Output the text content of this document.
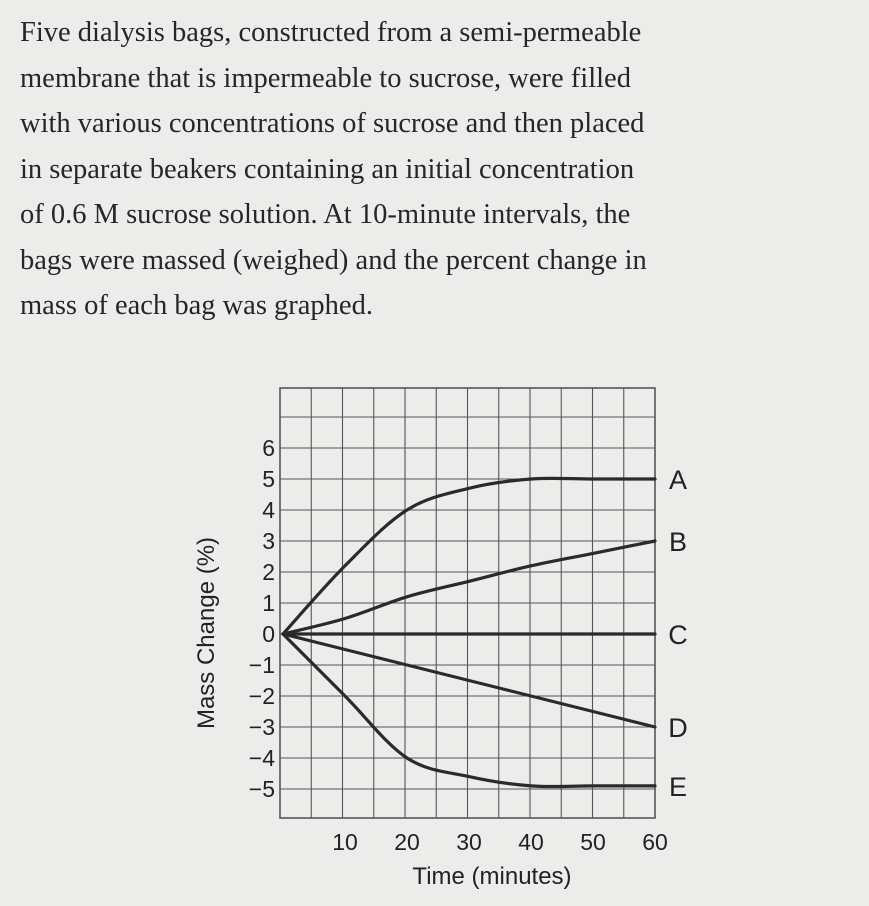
Five dialysis bags, constructed from a semi-permeable
membrane that is impermeable to sucrose, were filled
with various concentrations of sucrose and then placed
in separate beakers containing an initial concentration
of 0.6 M sucrose solution. At 10-minute intervals, the
bags were massed (weighed) and the percent change in
mass of each bag was graphed.
6
5
4
3
2
1
0
−1
−2
−3
−4
−5
10 20 30 40 50 60
A
B
C
D
E
Time (minutes)
Mass Change (%)
